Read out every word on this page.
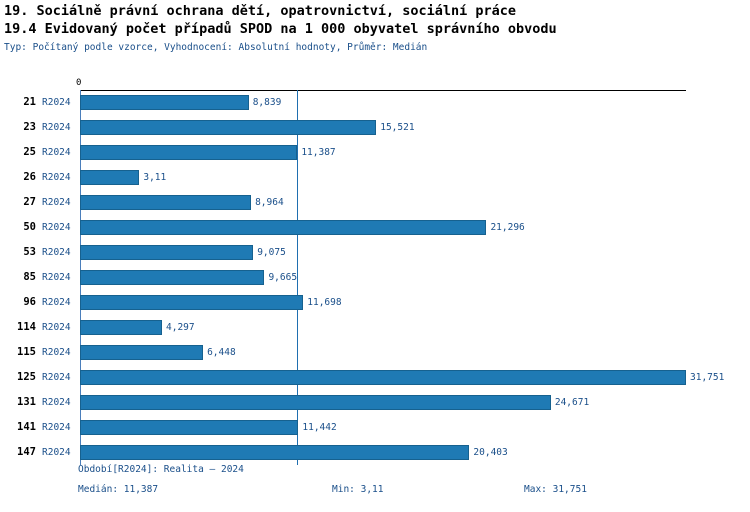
19. Sociálně právní ochrana dětí, opatrovnictví, sociální práce
19.4 Evidovaný počet případů SPOD na 1 000 obyvatel správního obvodu
Typ: Počítaný podle vzorce, Vyhodnocení: Absolutní hodnoty, Průměr: Medián
0
21 R2024	8,839
23 R2024	15,521
25 R2024	11,387
26 R2024	3,11
27 R2024	8,964
50 R2024	21,296
53 R2024	9,075
85 R2024	9,665
96 R2024	11,698
114 R2024	4,297
115 R2024	6,448
125 R2024	31,751
131 R2024	24,671
141 R2024	11,442
147 R2024	20,403
Období[R2024]: Realita – 2024
Medián: 11,387	Min: 3,11	Max: 31,751
